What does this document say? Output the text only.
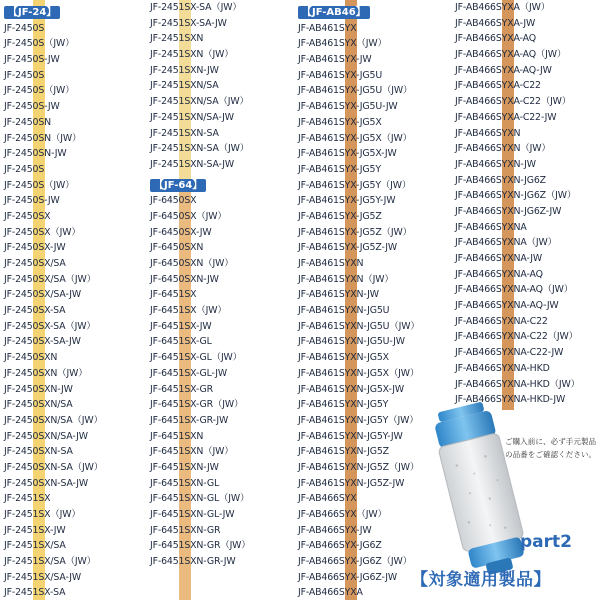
【JF-24】
JF-2450S
JF-2450S（JW）
JF-2450S-JW
JF-2450S
JF-2450S（JW）
JF-2450S-JW
JF-2450SN
JF-2450SN（JW）
JF-2450SN-JW
JF-2450S
JF-2450S（JW）
JF-2450S-JW
JF-2450SX
JF-2450SX（JW）
JF-2450SX-JW
JF-2450SX/SA
JF-2450SX/SA（JW）
JF-2450SX/SA-JW
JF-2450SX-SA
JF-2450SX-SA（JW）
JF-2450SX-SA-JW
JF-2450SXN
JF-2450SXN（JW）
JF-2450SXN-JW
JF-2450SXN/SA
JF-2450SXN/SA（JW）
JF-2450SXN/SA-JW
JF-2450SXN-SA
JF-2450SXN-SA（JW）
JF-2450SXN-SA-JW
JF-2451SX
JF-2451SX（JW）
JF-2451SX-JW
JF-2451SX/SA
JF-2451SX/SA（JW）
JF-2451SX/SA-JW
JF-2451SX-SA
JF-2451SX-SA（JW）
JF-2451SX-SA-JW
JF-2451SXN
JF-2451SXN（JW）
JF-2451SXN-JW
JF-2451SXN/SA
JF-2451SXN/SA（JW）
JF-2451SXN/SA-JW
JF-2451SXN-SA
JF-2451SXN-SA（JW）
JF-2451SXN-SA-JW
【JF-64】
JF-6450SX
JF-6450SX（JW）
JF-6450SX-JW
JF-6450SXN
JF-6450SXN（JW）
JF-6450SXN-JW
JF-6451SX
JF-6451SX（JW）
JF-6451SX-JW
JF-6451SX-GL
JF-6451SX-GL（JW）
JF-6451SX-GL-JW
JF-6451SX-GR
JF-6451SX-GR（JW）
JF-6451SX-GR-JW
JF-6451SXN
JF-6451SXN（JW）
JF-6451SXN-JW
JF-6451SXN-GL
JF-6451SXN-GL（JW）
JF-6451SXN-GL-JW
JF-6451SXN-GR
JF-6451SXN-GR（JW）
JF-6451SXN-GR-JW
【JF-AB46】
JF-AB461SYX
JF-AB461SYX（JW）
JF-AB461SYX-JW
JF-AB461SYX-JG5U
JF-AB461SYX-JG5U（JW）
JF-AB461SYX-JG5U-JW
JF-AB461SYX-JG5X
JF-AB461SYX-JG5X（JW）
JF-AB461SYX-JG5X-JW
JF-AB461SYX-JG5Y
JF-AB461SYX-JG5Y（JW）
JF-AB461SYX-JG5Y-JW
JF-AB461SYX-JG5Z
JF-AB461SYX-JG5Z（JW）
JF-AB461SYX-JG5Z-JW
JF-AB461SYXN
JF-AB461SYXN（JW）
JF-AB461SYXN-JW
JF-AB461SYXN-JG5U
JF-AB461SYXN-JG5U（JW）
JF-AB461SYXN-JG5U-JW
JF-AB461SYXN-JG5X
JF-AB461SYXN-JG5X（JW）
JF-AB461SYXN-JG5X-JW
JF-AB461SYXN-JG5Y
JF-AB461SYXN-JG5Y（JW）
JF-AB461SYXN-JG5Y-JW
JF-AB461SYXN-JG5Z
JF-AB461SYXN-JG5Z（JW）
JF-AB461SYXN-JG5Z-JW
JF-AB466SYX
JF-AB466SYX（JW）
JF-AB466SYX-JW
JF-AB466SYX-JG6Z
JF-AB466SYX-JG6Z（JW）
JF-AB466SYX-JG6Z-JW
JF-AB466SYXA
JF-AB466SYXA（JW）
JF-AB466SYXA-JW
JF-AB466SYXA-AQ
JF-AB466SYXA-AQ（JW）
JF-AB466SYXA-AQ-JW
JF-AB466SYXA-C22
JF-AB466SYXA-C22（JW）
JF-AB466SYXA-C22-JW
JF-AB466SYXN
JF-AB466SYXN（JW）
JF-AB466SYXN-JW
JF-AB466SYXN-JG6Z
JF-AB466SYXN-JG6Z（JW）
JF-AB466SYXN-JG6Z-JW
JF-AB466SYXNA
JF-AB466SYXNA（JW）
JF-AB466SYXNA-JW
JF-AB466SYXNA-AQ
JF-AB466SYXNA-AQ（JW）
JF-AB466SYXNA-AQ-JW
JF-AB466SYXNA-C22
JF-AB466SYXNA-C22（JW）
JF-AB466SYXNA-C22-JW
JF-AB466SYXNA-HKD
JF-AB466SYXNA-HKD（JW）
JF-AB466SYXNA-HKD-JW
ご購入前に、必ず手元製品の品番をご確認ください。
part2
【対象適用製品】
